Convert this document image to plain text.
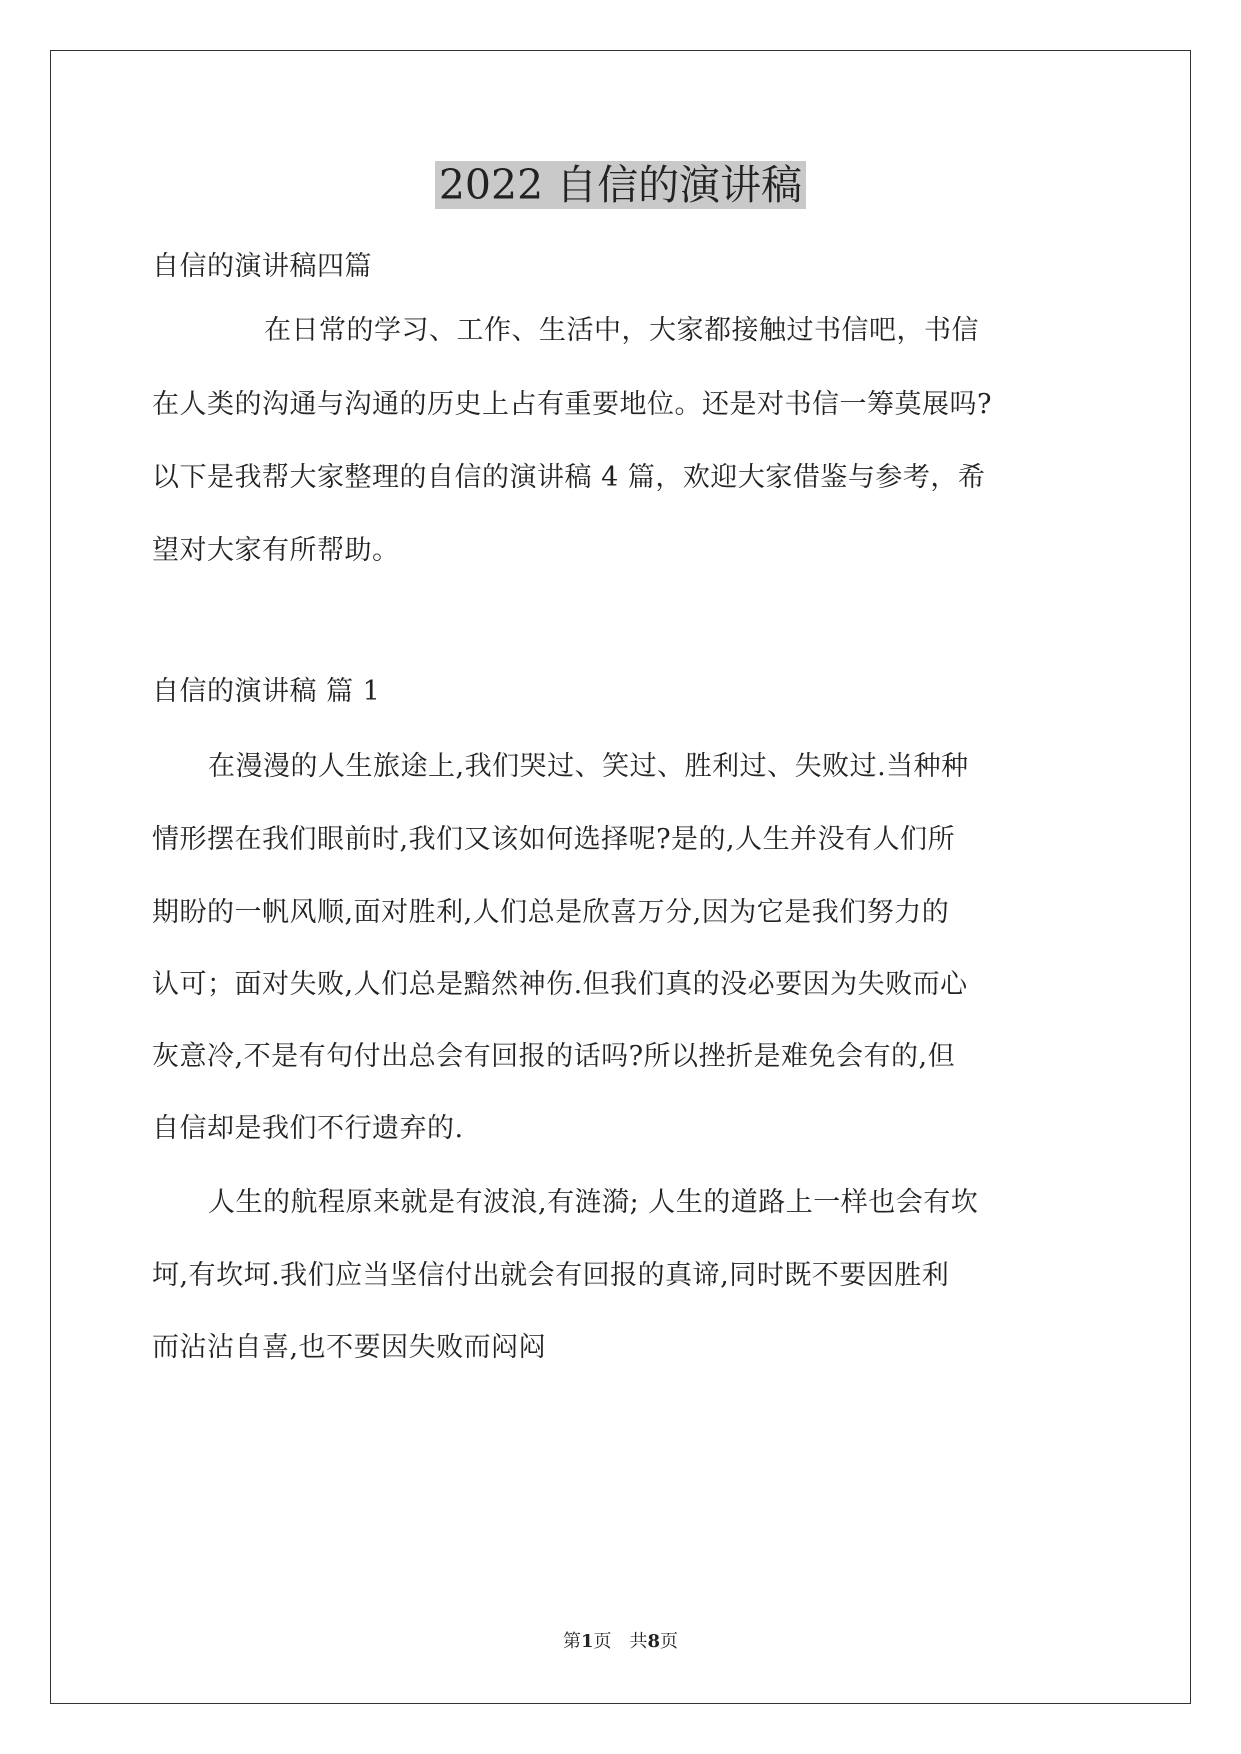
2022 自信的演讲稿
自信的演讲稿四篇
在日常的学习、工作、生活中，大家都接触过书信吧，书信
在人类的沟通与沟通的历史上占有重要地位。还是对书信一筹莫展吗?
以下是我帮大家整理的自信的演讲稿 4 篇，欢迎大家借鉴与参考，希
望对大家有所帮助。
自信的演讲稿 篇 1
在漫漫的人生旅途上,我们哭过、笑过、胜利过、失败过.当种种
情形摆在我们眼前时,我们又该如何选择呢?是的,人生并没有人们所
期盼的一帆风顺,面对胜利,人们总是欣喜万分,因为它是我们努力的
认可；面对失败,人们总是黯然神伤.但我们真的没必要因为失败而心
灰意冷,不是有句付出总会有回报的话吗?所以挫折是难免会有的,但
自信却是我们不行遗弃的.
人生的航程原来就是有波浪,有涟漪; 人生的道路上一样也会有坎
坷,有坎坷.我们应当坚信付出就会有回报的真谛,同时既不要因胜利
而沾沾自喜,也不要因失败而闷闷
第1页 共8页
